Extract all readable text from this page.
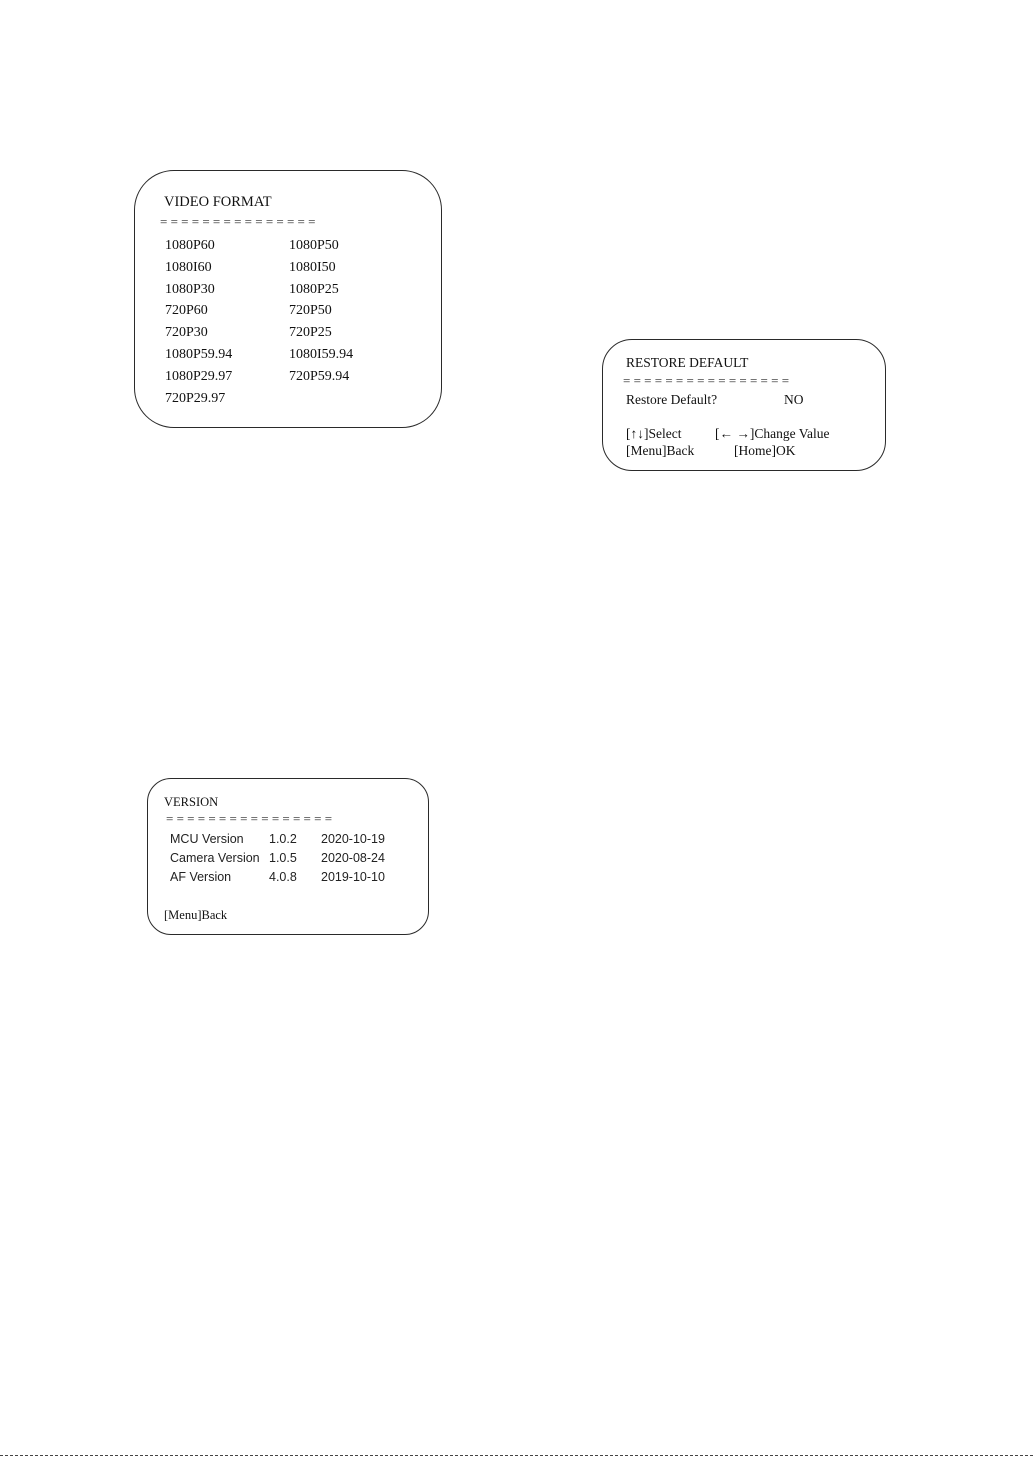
VIDEO FORMAT
= = = = = = = = = = = = = = =
1080P60	1080P50
1080I60	1080I50
1080P30	1080P25
720P60	720P50
720P30	720P25
1080P59.94	1080I59.94
1080P29.97	720P59.94
720P29.97
RESTORE DEFAULT
= = = = = = = = = = = = = = = =
Restore Default?	NO
[↑↓]Select [← →]Change Value
[Menu]Back	[Home]OK
VERSION
= = = = = = = = = = = = = = = =
MCU Version 1.0.2 2020-10-19
Camera Version 1.0.5 2020-08-24
AF Version	4.0.8 2019-10-10
[Menu]Back
